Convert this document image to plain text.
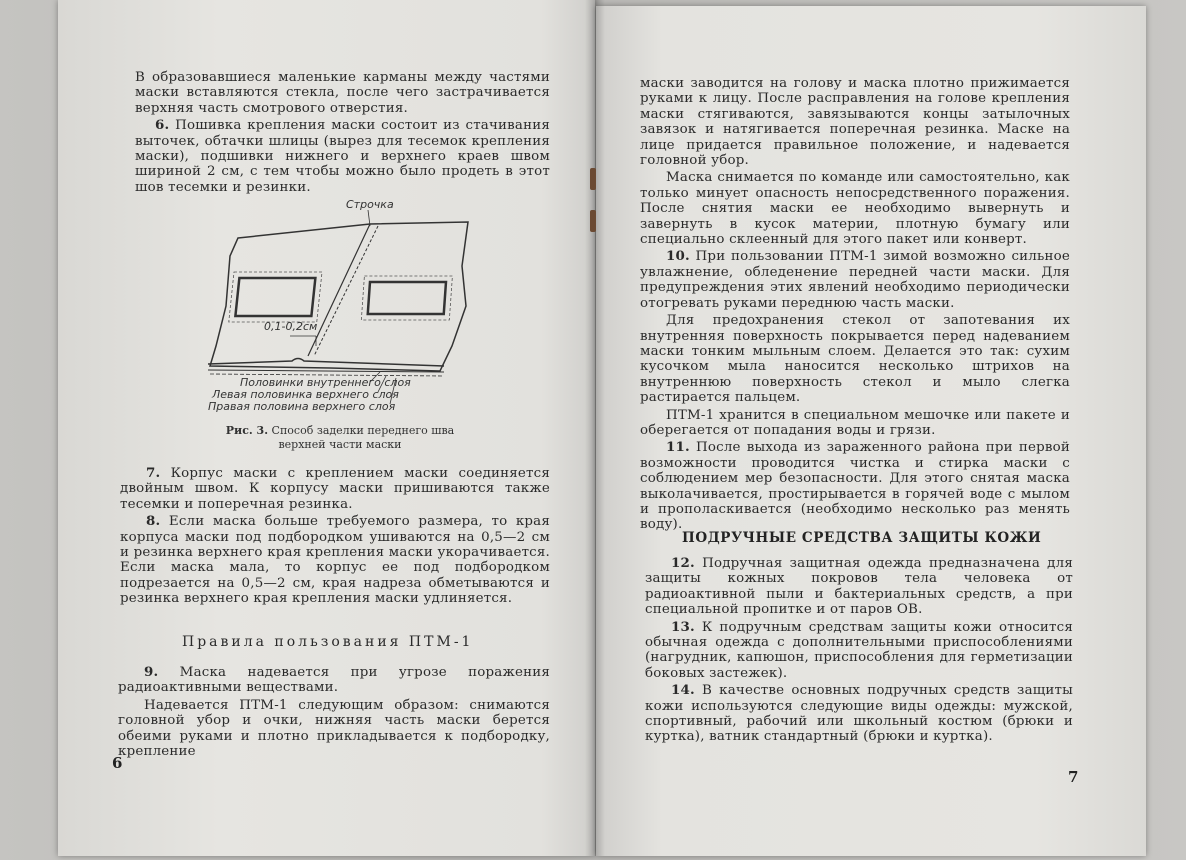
В образовавшиеся маленькие карманы между частями маски вставляются стекла, после чего застрачивается верхняя часть смотрового отверстия.

6. Пошивка крепления маски состоит из стачивания выточек, обтачки шлицы (вырез для тесемок крепления маски), подшивки нижнего и верхнего краев швом шириной 2 см, с тем чтобы можно было продеть в этот шов тесемки и резинки.

Строчка
0,1-0,2см
Половинки внутреннего слоя
Левая половинка верхнего слоя
Правая половина верхнего слоя
Рис. 3. Способ заделки переднего шва верхней части маски

7. Корпус маски с креплением маски соединяется двойным швом. К корпусу маски пришиваются также тесемки и поперечная резинка.

8. Если маска больше требуемого размера, то края корпуса маски под подбородком ушиваются на 0,5—2 см и резинка верхнего края крепления маски укорачивается. Если маска мала, то корпус ее под подбородком подрезается на 0,5—2 см, края надреза обметываются и резинка верхнего края крепления маски удлиняется.

Правила пользования ПТМ-1

9. Маска надевается при угрозе поражения радиоактивными веществами.

Надевается ПТМ-1 следующим образом: снимаются головной убор и очки, нижняя часть маски берется обеими руками и плотно прикладывается к подбородку, крепление

6

маски заводится на голову и маска плотно прижимается руками к лицу. После расправления на голове крепления маски стягиваются, завязываются концы затылочных завязок и натягивается поперечная резинка. Маске на лице придается правильное положение, и надевается головной убор.

Маска снимается по команде или самостоятельно, как только минует опасность непосредственного поражения. После снятия маски ее необходимо вывернуть и завернуть в кусок материи, плотную бумагу или специально склеенный для этого пакет или конверт.

10. При пользовании ПТМ-1 зимой возможно сильное увлажнение, обледенение передней части маски. Для предупреждения этих явлений необходимо периодически отогревать руками переднюю часть маски.

Для предохранения стекол от запотевания их внутренняя поверхность покрывается перед надеванием маски тонким мыльным слоем. Делается это так: сухим кусочком мыла наносится несколько штрихов на внутреннюю поверхность стекол и мыло слегка растирается пальцем.

ПТМ-1 хранится в специальном мешочке или пакете и оберегается от попадания воды и грязи.

11. После выхода из зараженного района при первой возможности проводится чистка и стирка маски с соблюдением мер безопасности. Для этого снятая маска выколачивается, простирывается в горячей воде с мылом и прополаскивается (необходимо несколько раз менять воду).

ПОДРУЧНЫЕ СРЕДСТВА ЗАЩИТЫ КОЖИ

12. Подручная защитная одежда предназначена для защиты кожных покровов тела человека от радиоактивной пыли и бактериальных средств, а при специальной пропитке и от паров ОВ.

13. К подручным средствам защиты кожи относится обычная одежда с дополнительными приспособлениями (нагрудник, капюшон, приспособления для герметизации боковых застежек).

14. В качестве основных подручных средств защиты кожи используются следующие виды одежды: мужской, спортивный, рабочий или школьный костюм (брюки и куртка), ватник стандартный (брюки и куртка).

7
